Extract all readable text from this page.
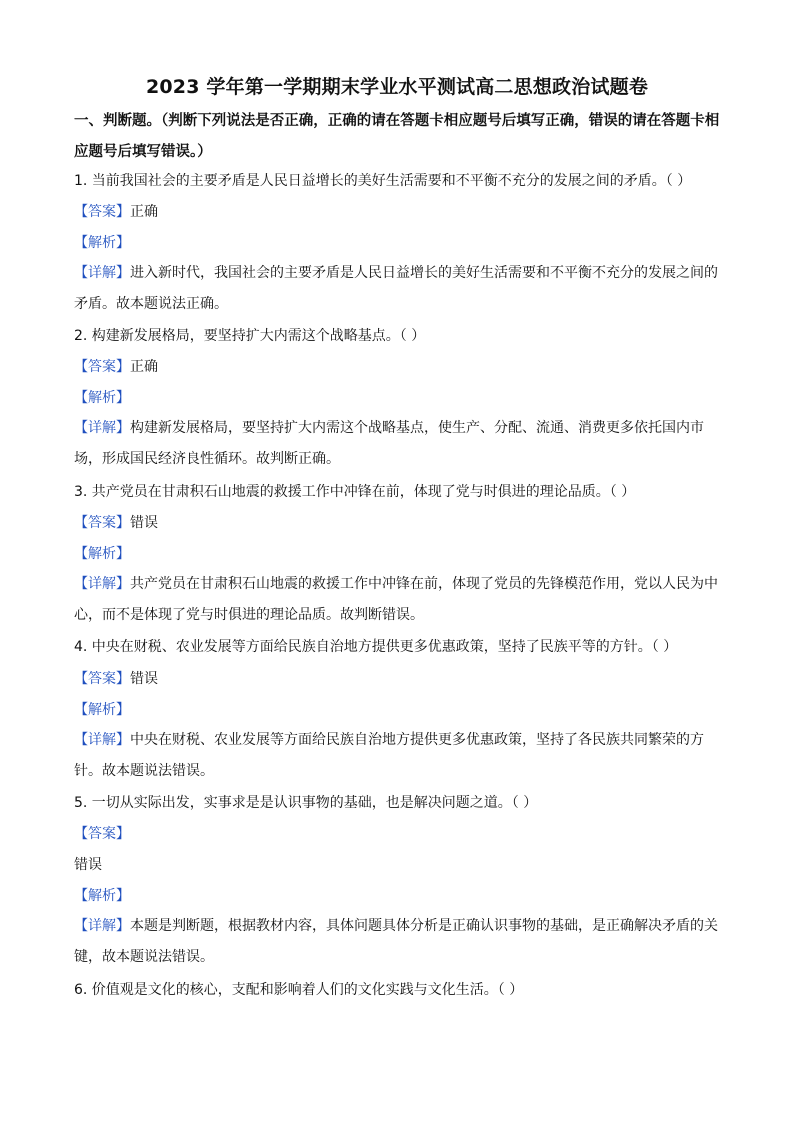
2023 学年第一学期期末学业水平测试高二思想政治试题卷
一、判断题。（判断下列说法是否正确，正确的请在答题卡相应题号后填写正确，错误的请在答题卡相应题号后填写错误。）
1. 当前我国社会的主要矛盾是人民日益增长的美好生活需要和不平衡不充分的发展之间的矛盾。（ ）
【答案】正确
【解析】
【详解】进入新时代，我国社会的主要矛盾是人民日益增长的美好生活需要和不平衡不充分的发展之间的矛盾。故本题说法正确。
2. 构建新发展格局，要坚持扩大内需这个战略基点。（ ）
【答案】正确
【解析】
【详解】构建新发展格局，要坚持扩大内需这个战略基点，使生产、分配、流通、消费更多依托国内市场，形成国民经济良性循环。故判断正确。
3. 共产党员在甘肃积石山地震的救援工作中冲锋在前，体现了党与时俱进的理论品质。（ ）
【答案】错误
【解析】
【详解】共产党员在甘肃积石山地震的救援工作中冲锋在前，体现了党员的先锋模范作用，党以人民为中心，而不是体现了党与时俱进的理论品质。故判断错误。
4. 中央在财税、农业发展等方面给民族自治地方提供更多优惠政策，坚持了民族平等的方针。（ ）
【答案】错误
【解析】
【详解】中央在财税、农业发展等方面给民族自治地方提供更多优惠政策，坚持了各民族共同繁荣的方针。故本题说法错误。
5. 一切从实际出发，实事求是是认识事物的基础，也是解决问题之道。（ ）
【答案】
错误
【解析】
【详解】本题是判断题，根据教材内容，具体问题具体分析是正确认识事物的基础，是正确解决矛盾的关键，故本题说法错误。
6. 价值观是文化的核心，支配和影响着人们的文化实践与文化生活。（ ）
